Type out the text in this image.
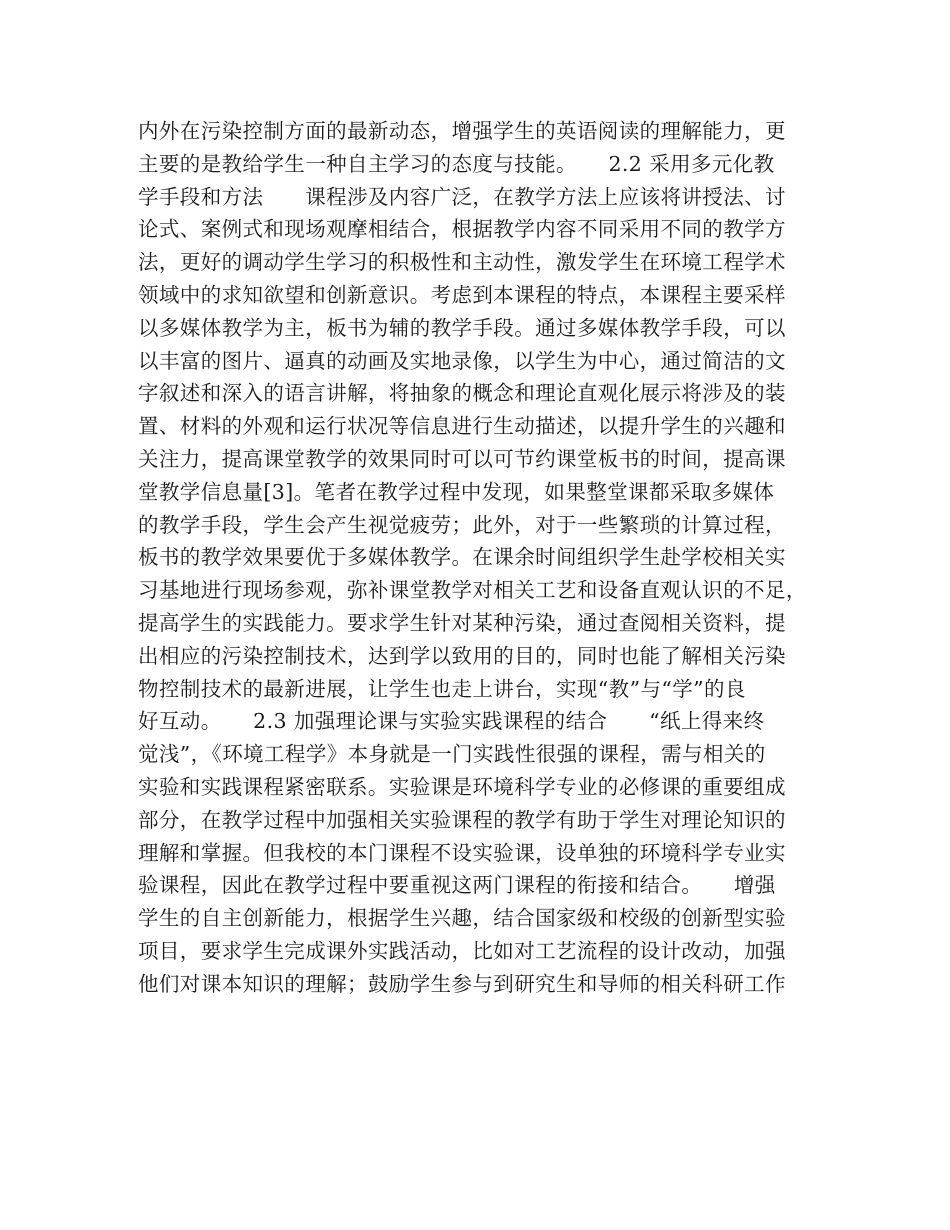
内外在污染控制方面的最新动态，增强学生的英语阅读的理解能力，更
主要的是教给学生一种自主学习的态度与技能。　　2.2 采用多元化教
学手段和方法　　课程涉及内容广泛，在教学方法上应该将讲授法、讨
论式、案例式和现场观摩相结合，根据教学内容不同采用不同的教学方
法，更好的调动学生学习的积极性和主动性，激发学生在环境工程学术
领域中的求知欲望和创新意识。考虑到本课程的特点，本课程主要采样
以多媒体教学为主，板书为辅的教学手段。通过多媒体教学手段，可以
以丰富的图片、逼真的动画及实地录像，以学生为中心，通过简洁的文
字叙述和深入的语言讲解，将抽象的概念和理论直观化展示将涉及的装
置、材料的外观和运行状况等信息进行生动描述，以提升学生的兴趣和
关注力，提高课堂教学的效果同时可以可节约课堂板书的时间，提高课
堂教学信息量[3]。笔者在教学过程中发现，如果整堂课都采取多媒体
的教学手段，学生会产生视觉疲劳；此外，对于一些繁琐的计算过程，
板书的教学效果要优于多媒体教学。在课余时间组织学生赴学校相关实
习基地进行现场参观，弥补课堂教学对相关工艺和设备直观认识的不足，
提高学生的实践能力。要求学生针对某种污染，通过查阅相关资料，提
出相应的污染控制技术，达到学以致用的目的，同时也能了解相关污染
物控制技术的最新进展，让学生也走上讲台，实现“教”与“学”的良
好互动。　　2.3 加强理论课与实验实践课程的结合　　“纸上得来终
觉浅”，《环境工程学》本身就是一门实践性很强的课程，需与相关的
实验和实践课程紧密联系。实验课是环境科学专业的必修课的重要组成
部分，在教学过程中加强相关实验课程的教学有助于学生对理论知识的
理解和掌握。但我校的本门课程不设实验课，设单独的环境科学专业实
验课程，因此在教学过程中要重视这两门课程的衔接和结合。　　增强
学生的自主创新能力，根据学生兴趣，结合国家级和校级的创新型实验
项目，要求学生完成课外实践活动，比如对工艺流程的设计改动，加强
他们对课本知识的理解；鼓励学生参与到研究生和导师的相关科研工作
